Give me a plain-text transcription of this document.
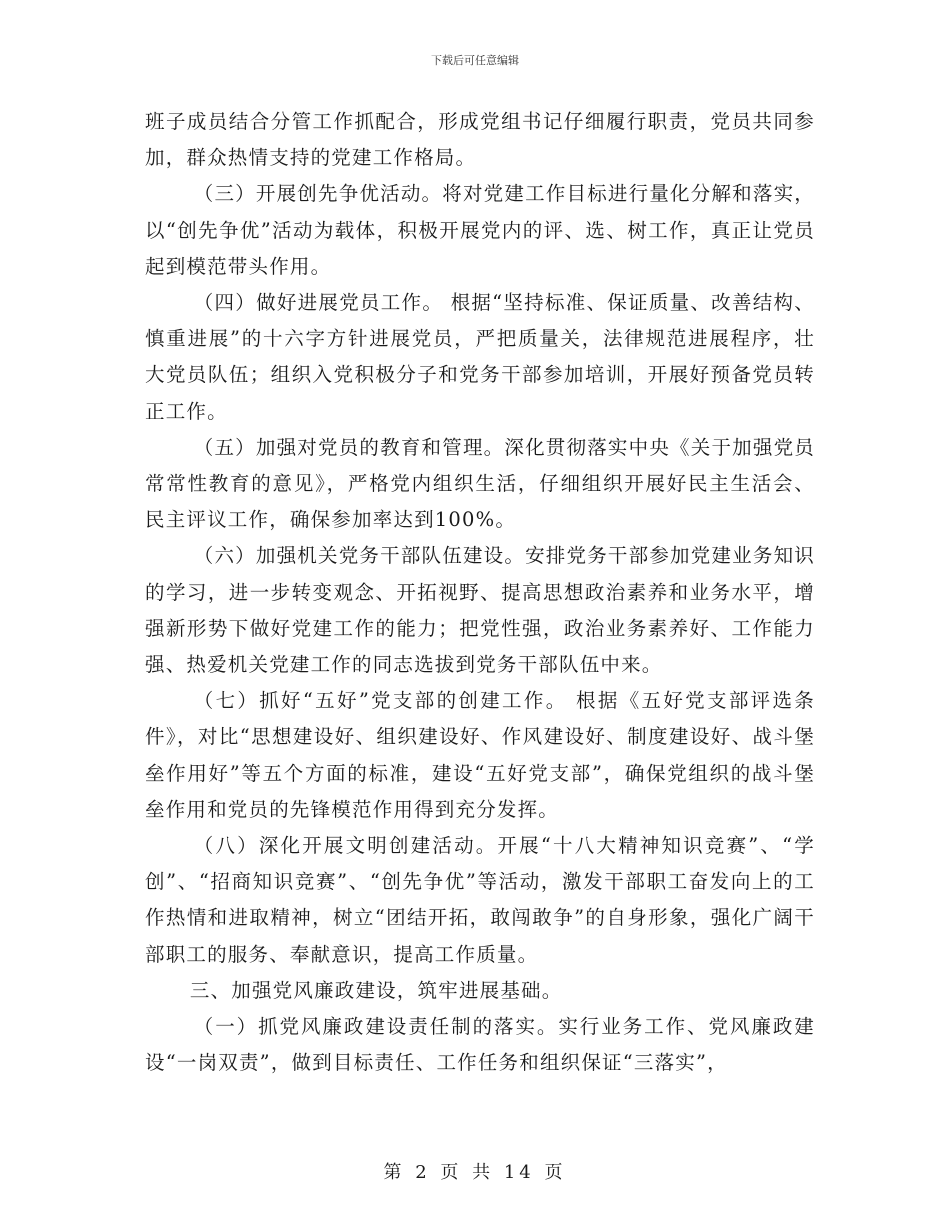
下载后可任意编辑

班子成员结合分管工作抓配合，形成党组书记仔细履行职责，党员共同参加，群众热情支持的党建工作格局。

（三）开展创先争优活动。将对党建工作目标进行量化分解和落实，以“创先争优”活动为载体，积极开展党内的评、选、树工作，真正让党员起到模范带头作用。

（四）做好进展党员工作。 根据“坚持标准、保证质量、改善结构、慎重进展”的十六字方针进展党员，严把质量关，法律规范进展程序，壮大党员队伍；组织入党积极分子和党务干部参加培训，开展好预备党员转正工作。

（五）加强对党员的教育和管理。深化贯彻落实中央《关于加强党员常常性教育的意见》，严格党内组织生活，仔细组织开展好民主生活会、民主评议工作，确保参加率达到100%。

（六）加强机关党务干部队伍建设。安排党务干部参加党建业务知识的学习，进一步转变观念、开拓视野、提高思想政治素养和业务水平，增强新形势下做好党建工作的能力；把党性强，政治业务素养好、工作能力强、热爱机关党建工作的同志选拔到党务干部队伍中来。

（七）抓好“五好”党支部的创建工作。 根据《五好党支部评选条件》，对比“思想建设好、组织建设好、作风建设好、制度建设好、战斗堡垒作用好”等五个方面的标准，建设“五好党支部”，确保党组织的战斗堡垒作用和党员的先锋模范作用得到充分发挥。

（八）深化开展文明创建活动。开展“十八大精神知识竞赛”、“学创”、“招商知识竞赛”、“创先争优”等活动，激发干部职工奋发向上的工作热情和进取精神，树立“团结开拓，敢闯敢争”的自身形象，强化广阔干部职工的服务、奉献意识，提高工作质量。

三、加强党风廉政建设，筑牢进展基础。

（一）抓党风廉政建设责任制的落实。实行业务工作、党风廉政建设“一岗双责”，做到目标责任、工作任务和组织保证“三落实”，

第 2 页 共 14 页
